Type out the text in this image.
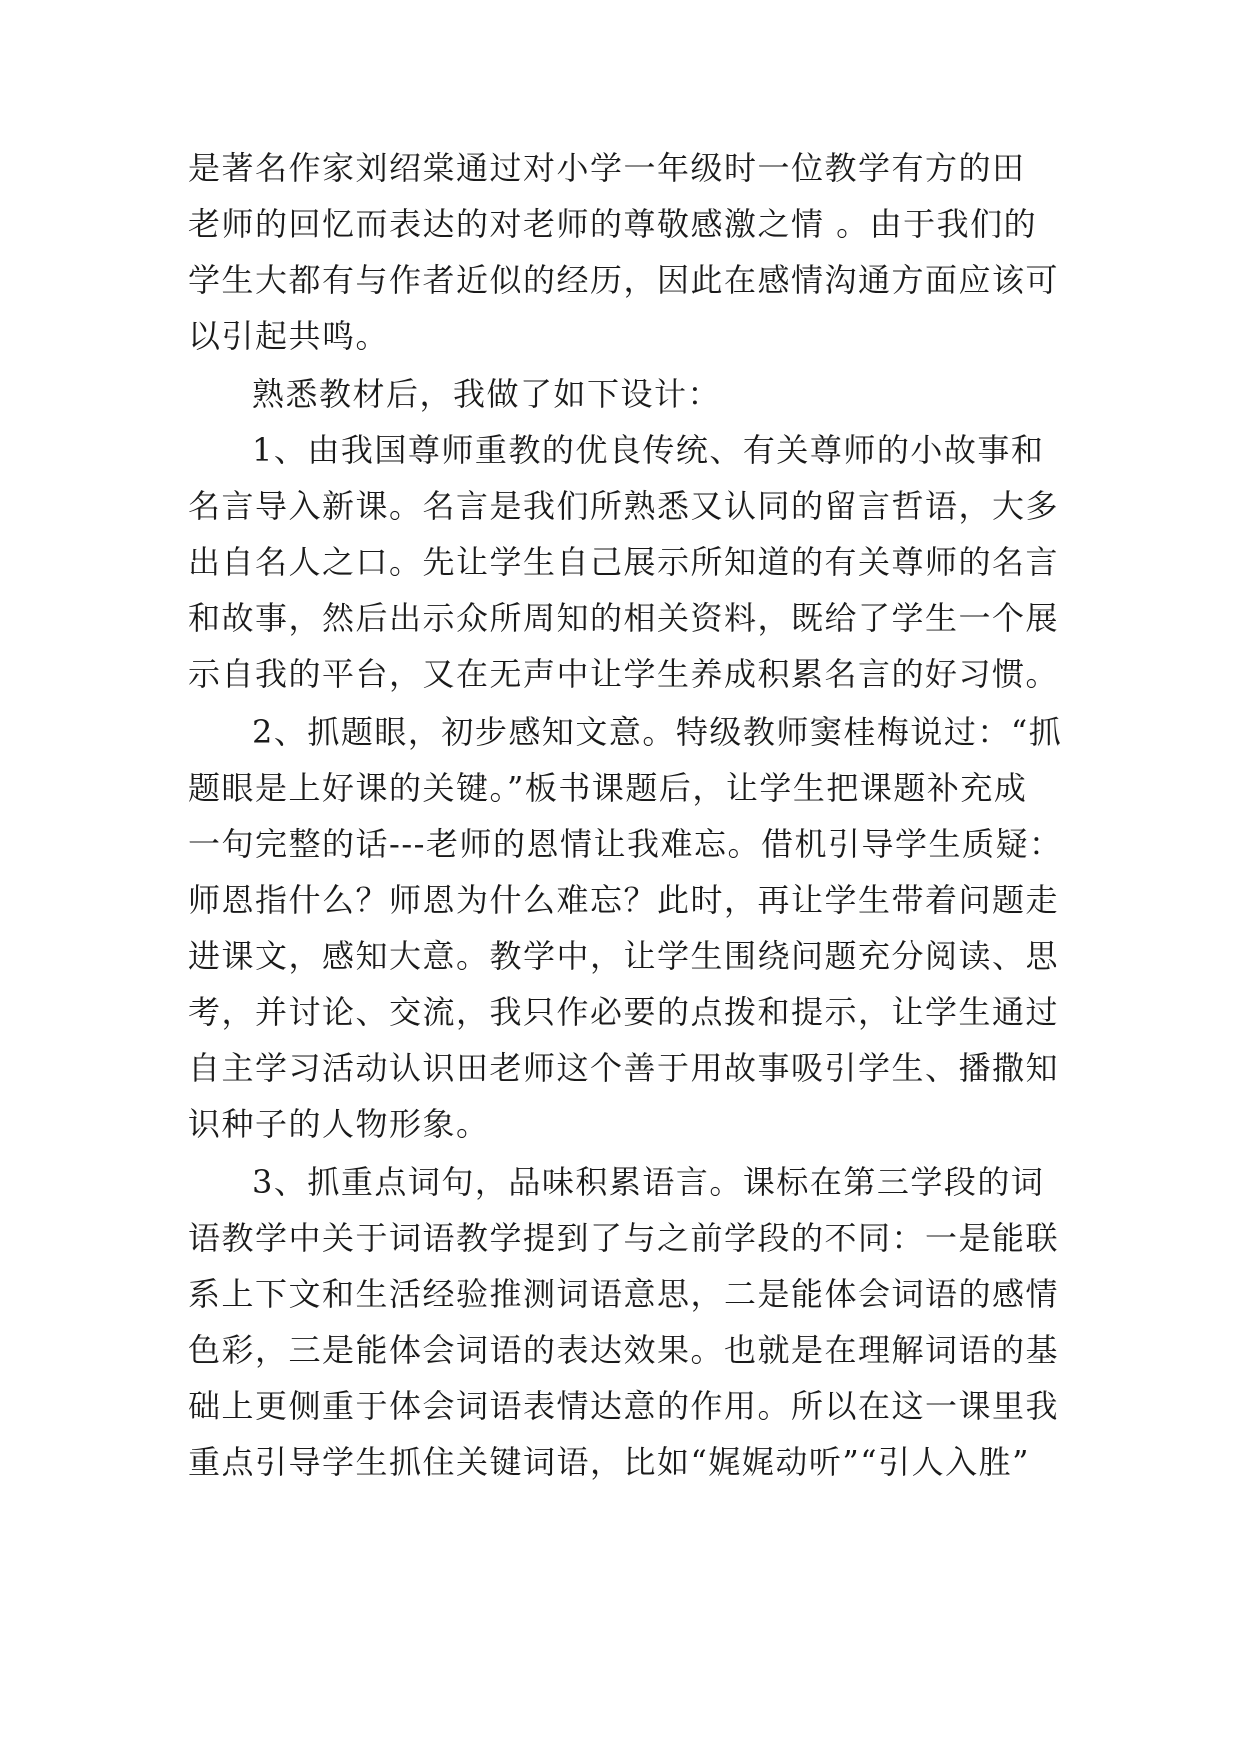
是著名作家刘绍棠通过对小学一年级时一位教学有方的田
老师的回忆而表达的对老师的尊敬感激之情 。由于我们的
学生大都有与作者近似的经历，因此在感情沟通方面应该可
以引起共鸣。
熟悉教材后，我做了如下设计：
1、由我国尊师重教的优良传统、有关尊师的小故事和
名言导入新课。名言是我们所熟悉又认同的留言哲语，大多
出自名人之口。先让学生自己展示所知道的有关尊师的名言
和故事，然后出示众所周知的相关资料，既给了学生一个展
示自我的平台，又在无声中让学生养成积累名言的好习惯。
2、抓题眼，初步感知文意。特级教师窦桂梅说过：“抓
题眼是上好课的关键。”板书课题后，让学生把课题补充成
一句完整的话---老师的恩情让我难忘。借机引导学生质疑：
师恩指什么？师恩为什么难忘？此时，再让学生带着问题走
进课文，感知大意。教学中，让学生围绕问题充分阅读、思
考，并讨论、交流，我只作必要的点拨和提示，让学生通过
自主学习活动认识田老师这个善于用故事吸引学生、播撒知
识种子的人物形象。
3、抓重点词句，品味积累语言。课标在第三学段的词
语教学中关于词语教学提到了与之前学段的不同：一是能联
系上下文和生活经验推测词语意思，二是能体会词语的感情
色彩，三是能体会词语的表达效果。也就是在理解词语的基
础上更侧重于体会词语表情达意的作用。所以在这一课里我
重点引导学生抓住关键词语，比如“娓娓动听”“引人入胜”
